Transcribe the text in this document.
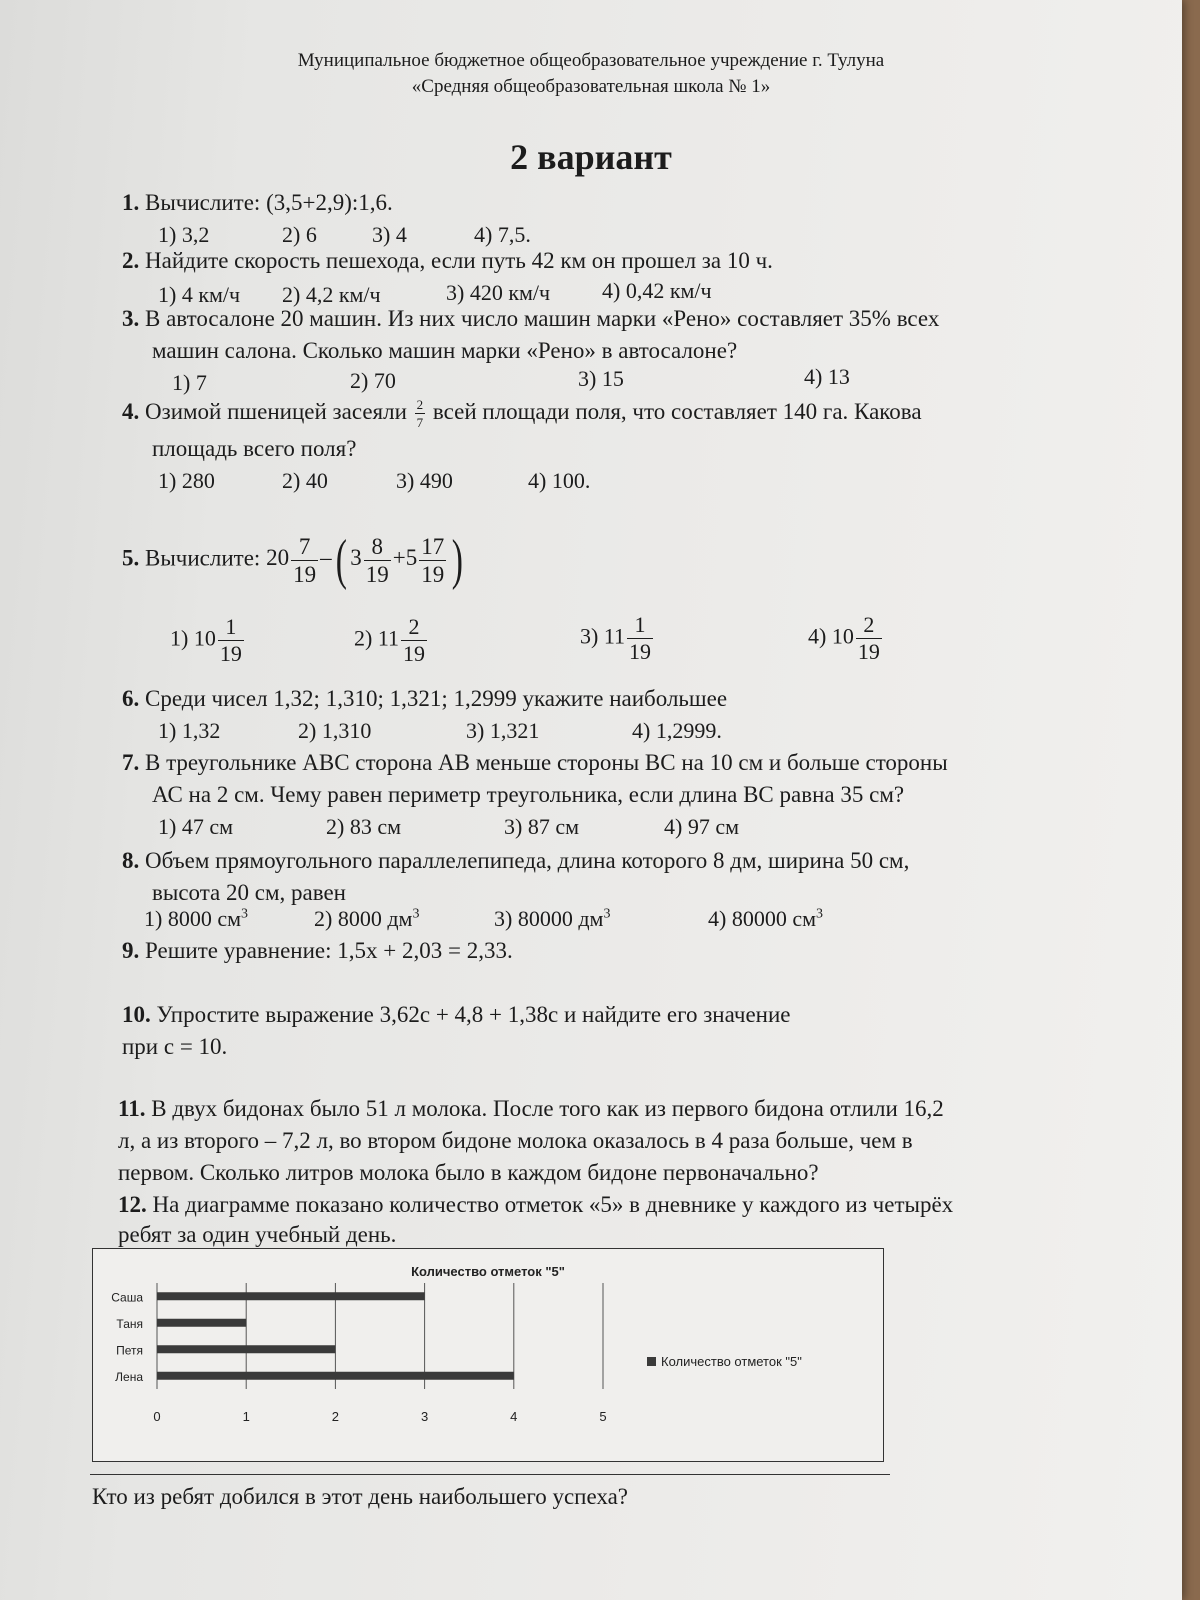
Муниципальное бюджетное общеобразовательное учреждение г. Тулуна
«Средняя общеобразовательная школа № 1»
2 вариант
1. Вычислите: (3,5+2,9):1,6.
1) 3,2	2) 6	3) 4	4) 7,5.
2. Найдите скорость пешехода, если путь 42 км он прошел за 10 ч.
1) 4 км/ч 2) 4,2 км/ч	3) 420 км/ч 4) 0,42 км/ч
3. В автосалоне 20 машин. Из них число машин марки «Рено» составляет 35% всех
машин салона. Сколько машин марки «Рено» в автосалоне?
1) 7	2) 70	3) 15	4) 13
4. Озимой пшеницей засеяли $\frac{2}{7}$ всей площади поля, что составляет 140 га. Какова
площадь всего поля?
1) 280	2) 40	3) 490	4) 100.
5. Вычислите: $20 \frac{7}{19}$ –( $3 \frac{8}{19} +5 \frac{17}{19}$ )
1) $10 \frac{1}{19}$	2) $11 \frac{2}{19}$	3) $11 \frac{1}{19}$	4) $10 \frac{2}{19}$
6. Среди чисел 1,32; 1,310; 1,321; 1,2999 укажите наибольшее
1) 1,32	2) 1,310	3) 1,321	4) 1,2999.
7. В треугольнике АВС сторона АВ меньше стороны ВС на 10 см и больше стороны
АС на 2 см. Чему равен периметр треугольника, если длина ВС равна 35 см?
1) 47 см	2) 83 см	3) 87 см	4) 97 см
8. Объем прямоугольного параллелепипеда, длина которого 8 дм, ширина 50 см,
высота 20 см, равен
1) 8000 $см^3$	2) 8000 $дм^3$	3) 80000 $дм^3$	4) 80000 $см^3$
9. Решите уравнение: 1,5х + 2,03 = 2,33.
10. Упростите выражение 3,62с + 4,8 + 1,38с и найдите его значение
при с = 10.
11. В двух бидонах было 51 л молока. После того как из первого бидона отлили 16,2
л, а из второго – 7,2 л, во втором бидоне молока оказалось в 4 раза больше, чем в
первом. Сколько литров молока было в каждом бидоне первоначально?
12. На диаграмме показано количество отметок «5» в дневнике у каждого из четырёх
ребят за один учебный день.
Количество отметок "5"
Саша
Таня
Петя
Лена
0	1	2	3	4	5
Количество отметок "5"
Кто из ребят добился в этот день наибольшего успеха?
